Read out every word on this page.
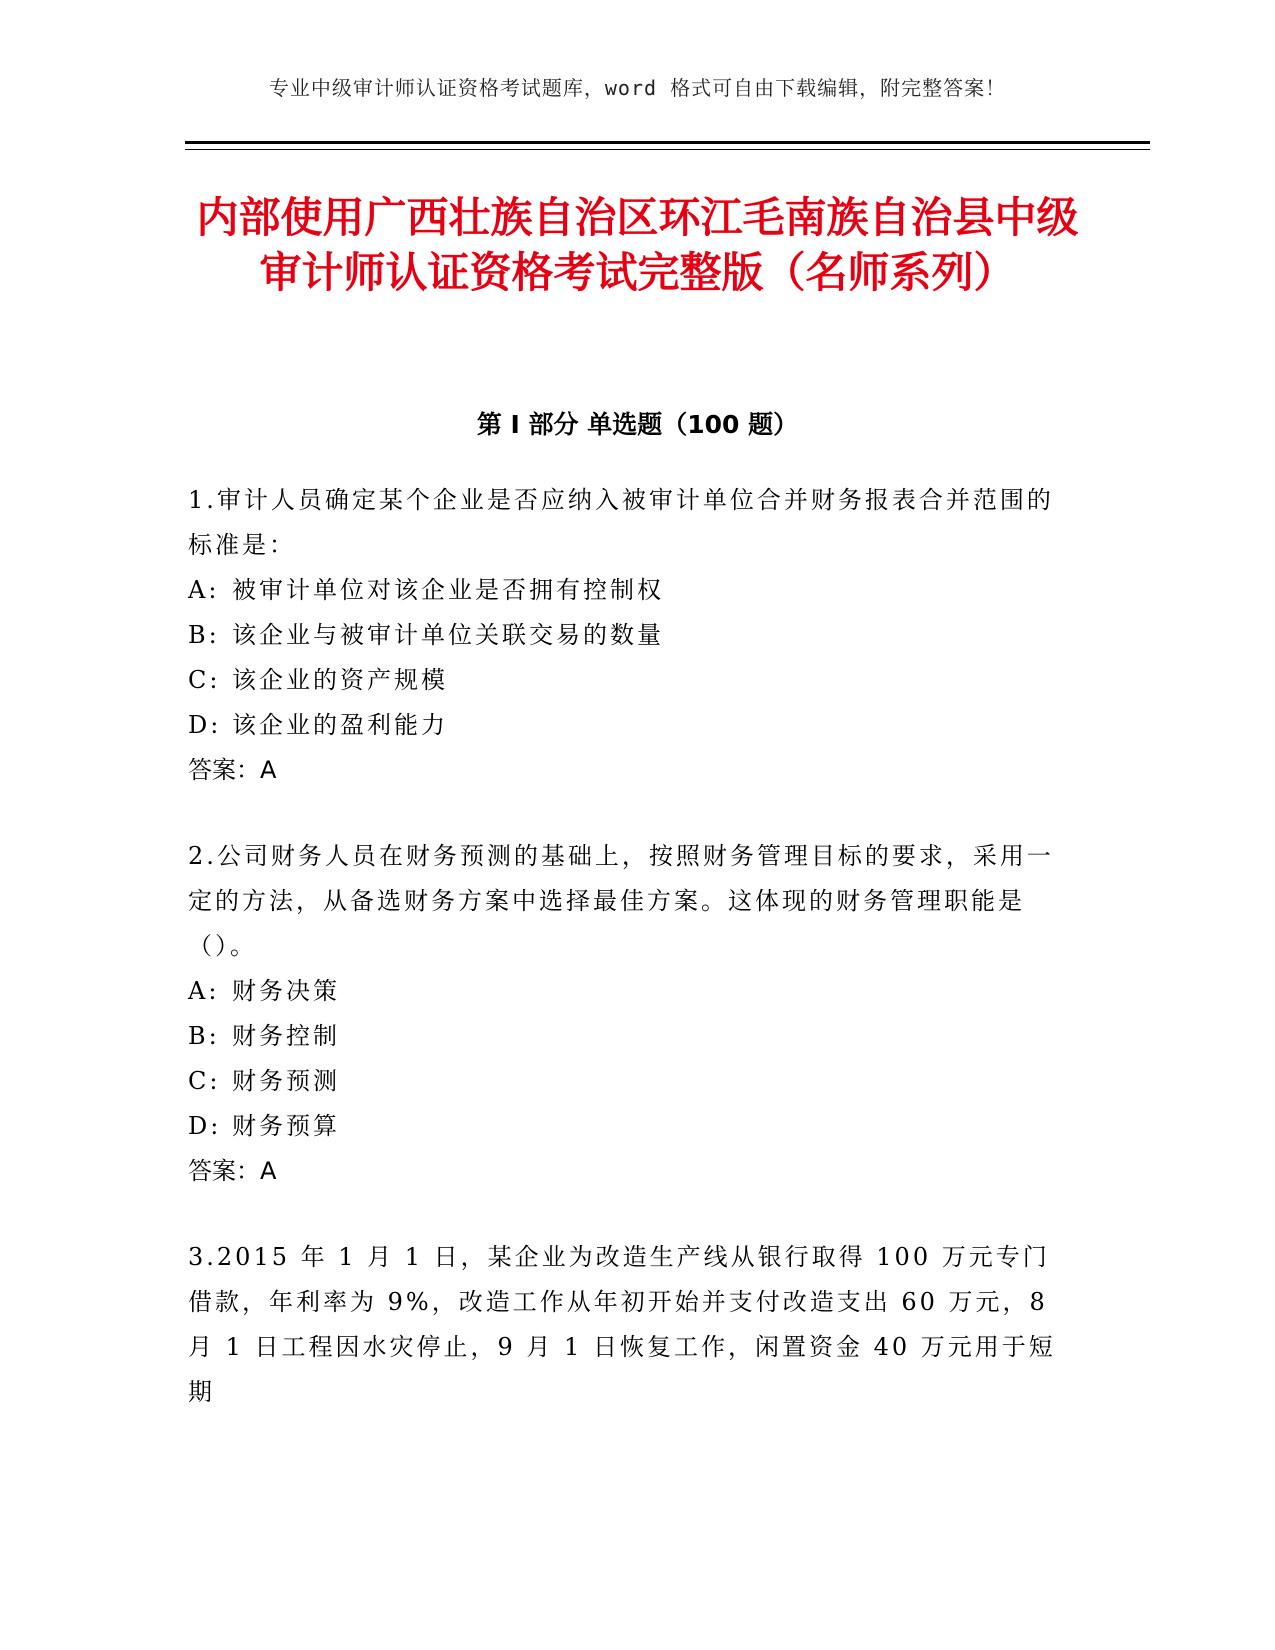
专业中级审计师认证资格考试题库，word 格式可自由下载编辑，附完整答案！
内部使用广西壮族自治区环江毛南族自治县中级审计师认证资格考试完整版（名师系列）
第 I 部分 单选题（100 题）

1.审计人员确定某个企业是否应纳入被审计单位合并财务报表合并范围的标准是：

A: 被审计单位对该企业是否拥有控制权

B: 该企业与被审计单位关联交易的数量

C: 该企业的资产规模

D: 该企业的盈利能力

答案：A

2.公司财务人员在财务预测的基础上，按照财务管理目标的要求，采用一定的方法，从备选财务方案中选择最佳方案。这体现的财务管理职能是（）。

A: 财务决策

B: 财务控制

C: 财务预测

D: 财务预算

答案：A

3.2015 年 1 月 1 日，某企业为改造生产线从银行取得 100 万元专门借款，年利率为 9%，改造工作从年初开始并支付改造支出 60 万元，8 月 1 日工程因水灾停止，9 月 1 日恢复工作，闲置资金 40 万元用于短期
